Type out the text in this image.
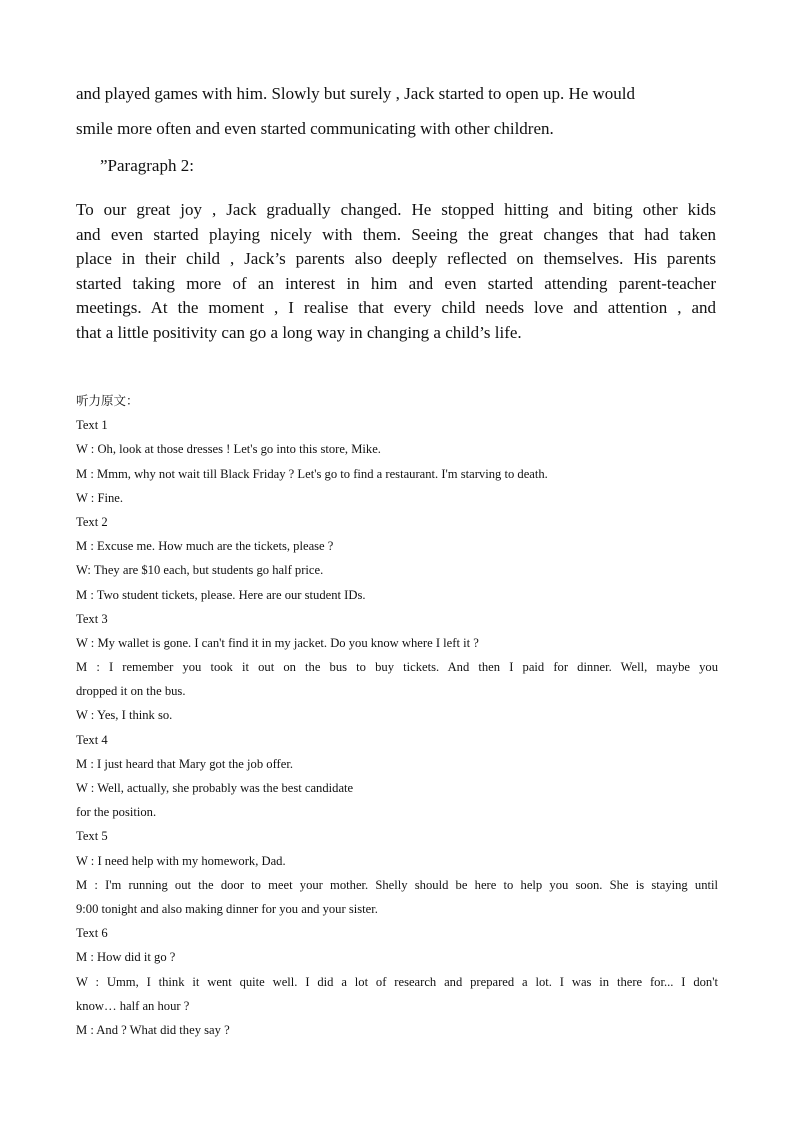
and played games with him. Slowly but surely , Jack started to open up. He would
smile more often and even started communicating with other children.
”Paragraph 2:
To our great joy , Jack gradually changed. He stopped hitting and biting other kids
and even started playing nicely with them. Seeing the great changes that had taken
place in their child , Jack’s parents also deeply reflected on themselves. His parents
started taking more of an interest in him and even started attending parent-teacher
meetings. At the moment , I realise that every child needs love and attention , and
that a little positivity can go a long way in changing a child’s life.
听力原文：
Text 1
W : Oh, look at those dresses ! Let's go into this store, Mike.
M : Mmm, why not wait till Black Friday ? Let's go to find a restaurant. I'm starving to death.
W : Fine.
Text 2
M : Excuse me. How much are the tickets, please ?
W: They are $10 each, but students go half price.
M : Two student tickets, please. Here are our student IDs.
Text 3
W : My wallet is gone. I can't find it in my jacket. Do you know where I left it ?
M : I remember you took it out on the bus to buy tickets. And then I paid for dinner. Well, maybe you
dropped it on the bus.
W : Yes, I think so.
Text 4
M : I just heard that Mary got the job offer.
W : Well, actually, she probably was the best candidate
for the position.
Text 5
W : I need help with my homework, Dad.
M : I'm running out the door to meet your mother. Shelly should be here to help you soon. She is staying until
9:00 tonight and also making dinner for you and your sister.
Text 6
M : How did it go ?
W : Umm, I think it went quite well. I did a lot of research and prepared a lot. I was in there for... I don't
know… half an hour ?
M : And ? What did they say ?
